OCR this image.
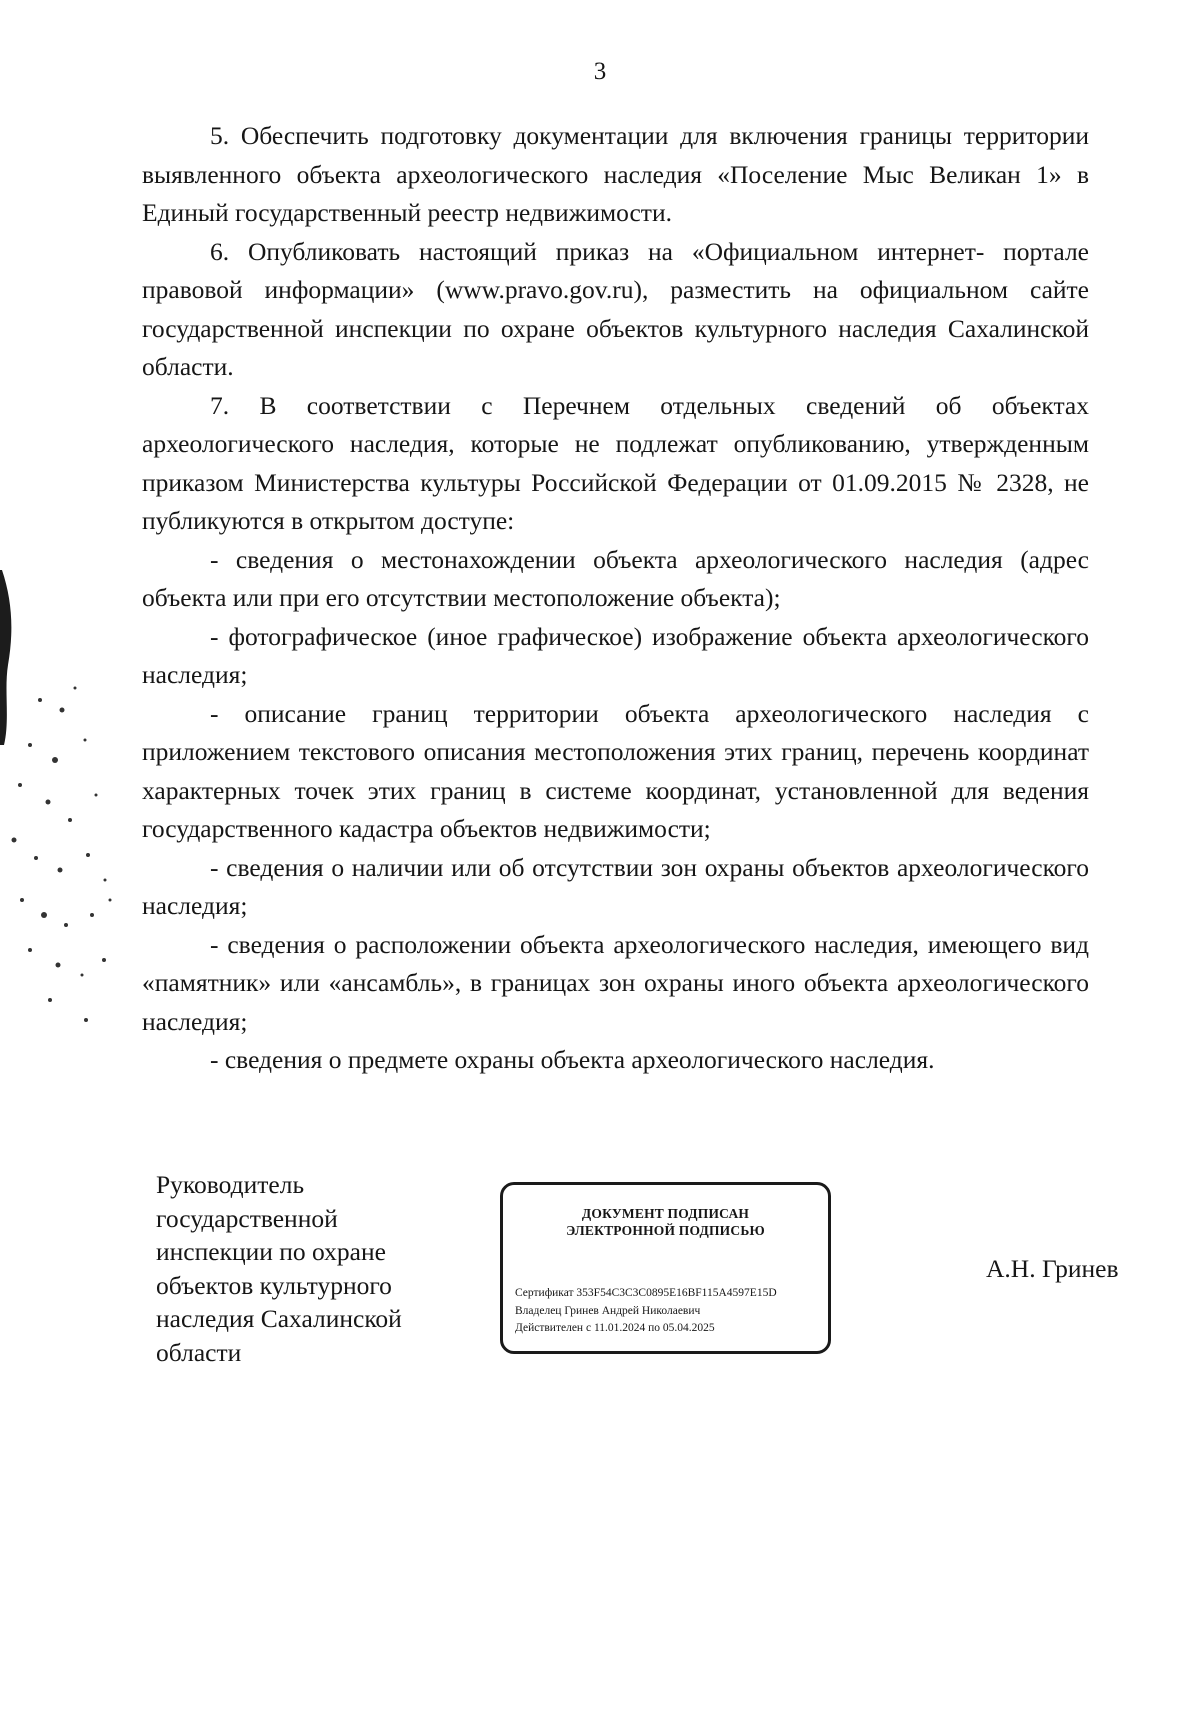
3

5. Обеспечить подготовку документации для включения границы территории выявленного объекта археологического наследия «Поселение Мыс Великан 1» в Единый государственный реестр недвижимости.

6. Опубликовать настоящий приказ на «Официальном интернет- портале правовой информации» (www.pravo.gov.ru), разместить на официальном сайте государственной инспекции по охране объектов культурного наследия Сахалинской области.

7. В соответствии с Перечнем отдельных сведений об объектах археологического наследия, которые не подлежат опубликованию, утвержденным приказом Министерства культуры Российской Федерации от 01.09.2015 № 2328, не публикуются в открытом доступе:

- сведения о местонахождении объекта археологического наследия (адрес объекта или при его отсутствии местоположение объекта);

- фотографическое (иное графическое) изображение объекта археологического наследия;

- описание границ территории объекта археологического наследия с приложением текстового описания местоположения этих границ, перечень координат характерных точек этих границ в системе координат, установленной для ведения государственного кадастра объектов недвижимости;

- сведения о наличии или об отсутствии зон охраны объектов археологического наследия;

- сведения о расположении объекта археологического наследия, имеющего вид «памятник» или «ансамбль», в границах зон охраны иного объекта археологического наследия;

- сведения о предмете охраны объекта археологического наследия.

Руководитель
государственной
инспекции по охране
объектов культурного
наследия Сахалинской
области
ДОКУМЕНТ ПОДПИСАН
ЭЛЕКТРОННОЙ ПОДПИСЬЮ
Сертификат 353F54C3C3C0895E16BF115A4597E15D
Владелец Гринев Андрей Николаевич
Действителен с 11.01.2024 по 05.04.2025
А.Н. Гринев
